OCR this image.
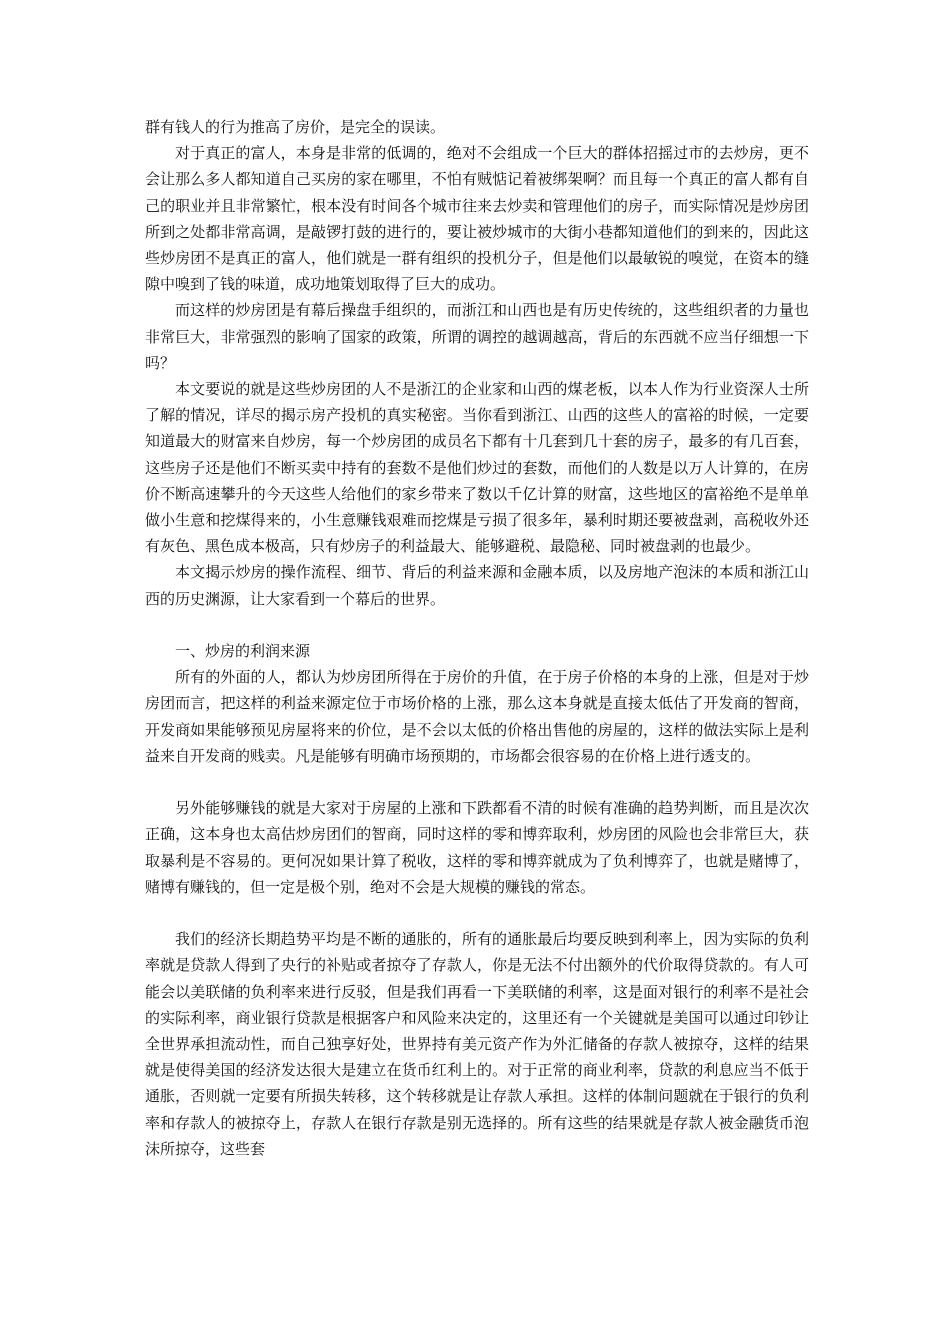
群有钱人的行为推高了房价，是完全的误读。

对于真正的富人，本身是非常的低调的，绝对不会组成一个巨大的群体招摇过市的去炒房，更不会让那么多人都知道自己买房的家在哪里，不怕有贼惦记着被绑架啊？而且每一个真正的富人都有自己的职业并且非常繁忙，根本没有时间各个城市往来去炒卖和管理他们的房子，而实际情况是炒房团所到之处都非常高调，是敲锣打鼓的进行的，要让被炒城市的大街小巷都知道他们的到来的，因此这些炒房团不是真正的富人，他们就是一群有组织的投机分子，但是他们以最敏锐的嗅觉，在资本的缝隙中嗅到了钱的味道，成功地策划取得了巨大的成功。

而这样的炒房团是有幕后操盘手组织的，而浙江和山西也是有历史传统的，这些组织者的力量也非常巨大，非常强烈的影响了国家的政策，所谓的调控的越调越高，背后的东西就不应当仔细想一下吗？

本文要说的就是这些炒房团的人不是浙江的企业家和山西的煤老板，以本人作为行业资深人士所了解的情况，详尽的揭示房产投机的真实秘密。当你看到浙江、山西的这些人的富裕的时候，一定要知道最大的财富来自炒房，每一个炒房团的成员名下都有十几套到几十套的房子，最多的有几百套，这些房子还是他们不断买卖中持有的套数不是他们炒过的套数，而他们的人数是以万人计算的，在房价不断高速攀升的今天这些人给他们的家乡带来了数以千亿计算的财富，这些地区的富裕绝不是单单做小生意和挖煤得来的，小生意赚钱艰难而挖煤是亏损了很多年，暴利时期还要被盘剥，高税收外还有灰色、黑色成本极高，只有炒房子的利益最大、能够避税、最隐秘、同时被盘剥的也最少。

本文揭示炒房的操作流程、细节、背后的利益来源和金融本质，以及房地产泡沫的本质和浙江山西的历史渊源，让大家看到一个幕后的世界。

一、炒房的利润来源

所有的外面的人，都认为炒房团所得在于房价的升值，在于房子价格的本身的上涨，但是对于炒房团而言，把这样的利益来源定位于市场价格的上涨，那么这本身就是直接太低估了开发商的智商，开发商如果能够预见房屋将来的价位，是不会以太低的价格出售他的房屋的，这样的做法实际上是利益来自开发商的贱卖。凡是能够有明确市场预期的，市场都会很容易的在价格上进行透支的。

另外能够赚钱的就是大家对于房屋的上涨和下跌都看不清的时候有准确的趋势判断，而且是次次正确，这本身也太高估炒房团们的智商，同时这样的零和博弈取利，炒房团的风险也会非常巨大，获取暴利是不容易的。更何况如果计算了税收，这样的零和博弈就成为了负利博弈了，也就是赌博了，赌博有赚钱的，但一定是极个别，绝对不会是大规模的赚钱的常态。

我们的经济长期趋势平均是不断的通胀的，所有的通胀最后均要反映到利率上，因为实际的负利率就是贷款人得到了央行的补贴或者掠夺了存款人，你是无法不付出额外的代价取得贷款的。有人可能会以美联储的负利率来进行反驳，但是我们再看一下美联储的利率，这是面对银行的利率不是社会的实际利率，商业银行贷款是根据客户和风险来决定的，这里还有一个关键就是美国可以通过印钞让全世界承担流动性，而自己独享好处，世界持有美元资产作为外汇储备的存款人被掠夺，这样的结果就是使得美国的经济发达很大是建立在货币红利上的。对于正常的商业利率，贷款的利息应当不低于通胀，否则就一定要有所损失转移，这个转移就是让存款人承担。这样的体制问题就在于银行的负利率和存款人的被掠夺上，存款人在银行存款是别无选择的。所有这些的结果就是存款人被金融货币泡沫所掠夺，这些套
